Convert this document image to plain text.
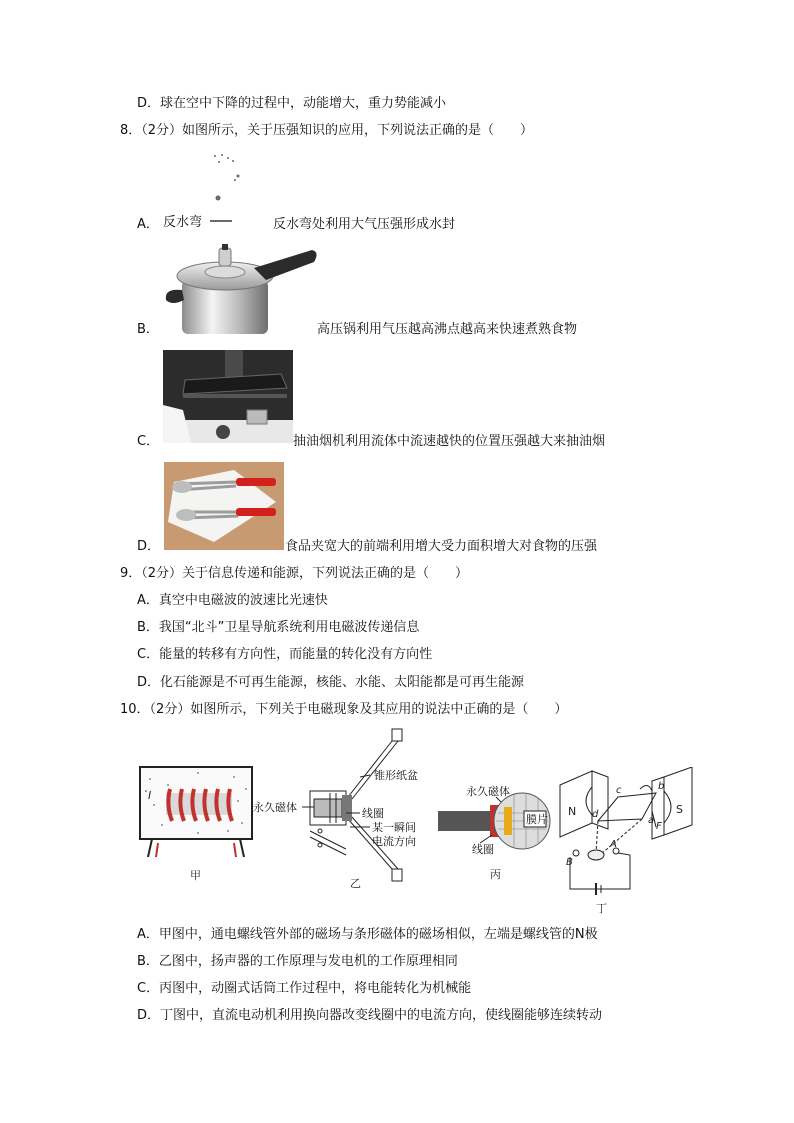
D．球在空中下降的过程中，动能增大，重力势能减小
8．（2分）如图所示，关于压强知识的应用，下列说法正确的是（　　）
反水弯
A．	反水弯处利用大气压强形成水封
B．	高压锅利用气压越高沸点越高来快速煮熟食物
C．	抽油烟机利用流体中流速越快的位置压强越大来抽油烟
D．	食品夹宽大的前端利用增大受力面积增大对食物的压强
9．（2分）关于信息传递和能源，下列说法正确的是（　　）
A．真空中电磁波的波速比光速快
B．我国“北斗”卫星导航系统利用电磁波传递信息
C．能量的转移有方向性，而能量的转化没有方向性
D．化石能源是不可再生能源，核能、水能、太阳能都是可再生能源
10．（2分）如图所示，下列关于电磁现象及其应用的说法中正确的是（　　）
I
甲
锥形纸盆
永久磁体	线圈
某一瞬间
电流方向
乙
永久磁体
膜片
线圈
丙
N	S
c	b
d
a
F
B
A
丁
A．甲图中，通电螺线管外部的磁场与条形磁体的磁场相似，左端是螺线管的N极
B．乙图中，扬声器的工作原理与发电机的工作原理相同
C．丙图中，动圈式话筒工作过程中，将电能转化为机械能
D．丁图中，直流电动机利用换向器改变线圈中的电流方向，使线圈能够连续转动
